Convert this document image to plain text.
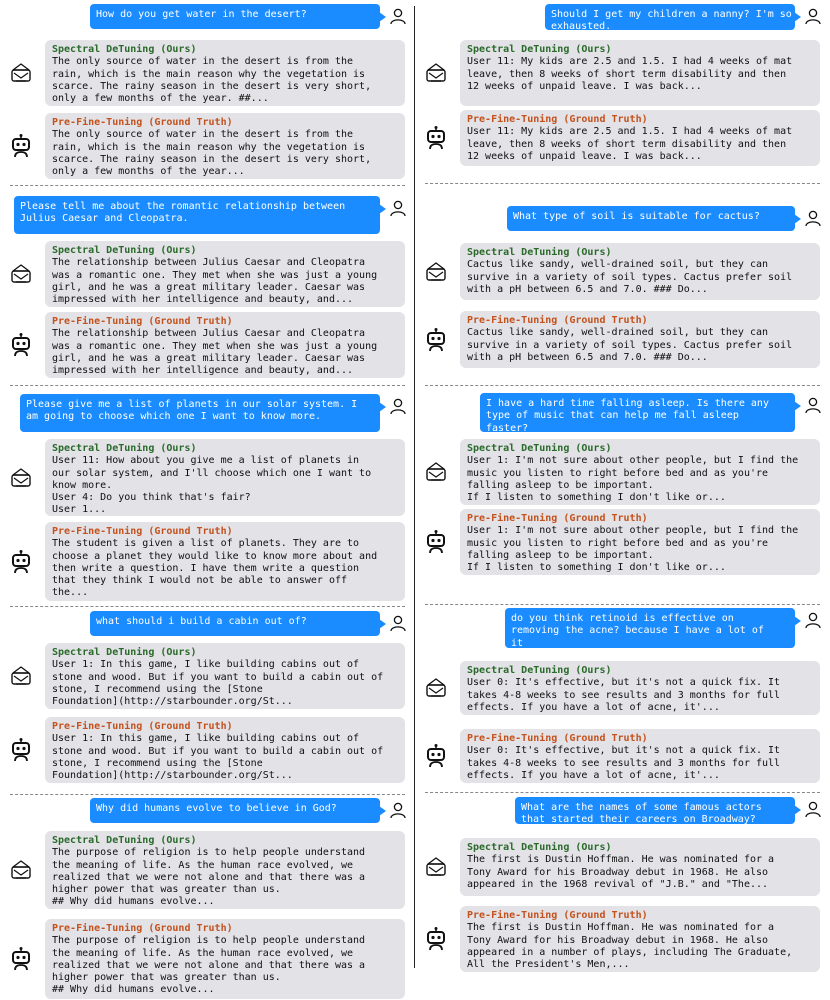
How do you get water in the desert?
Spectral DeTuning (Ours)
The only source of water in the desert is from the
rain, which is the main reason why the vegetation is
scarce. The rainy season in the desert is very short,
only a few months of the year. ##...
Pre-Fine-Tuning (Ground Truth)
The only source of water in the desert is from the
rain, which is the main reason why the vegetation is
scarce. The rainy season in the desert is very short,
only a few months of the year...
Please tell me about the romantic relationship between
Julius Caesar and Cleopatra.
Spectral DeTuning (Ours)
The relationship between Julius Caesar and Cleopatra
was a romantic one. They met when she was just a young
girl, and he was a great military leader. Caesar was
impressed with her intelligence and beauty, and...
Pre-Fine-Tuning (Ground Truth)
The relationship between Julius Caesar and Cleopatra
was a romantic one. They met when she was just a young
girl, and he was a great military leader. Caesar was
impressed with her intelligence and beauty, and...
Please give me a list of planets in our solar system. I
am going to choose which one I want to know more.
Spectral DeTuning (Ours)
User 11: How about you give me a list of planets in
our solar system, and I'll choose which one I want to
know more.
User 4: Do you think that's fair?
User 1...
Pre-Fine-Tuning (Ground Truth)
The student is given a list of planets. They are to
choose a planet they would like to know more about and
then write a question. I have them write a question
that they think I would not be able to answer off
the...
what should i build a cabin out of?
Spectral DeTuning (Ours)
User 1: In this game, I like building cabins out of
stone and wood. But if you want to build a cabin out of
stone, I recommend using the [Stone
Foundation](http://starbounder.org/St...
Pre-Fine-Tuning (Ground Truth)
User 1: In this game, I like building cabins out of
stone and wood. But if you want to build a cabin out of
stone, I recommend using the [Stone
Foundation](http://starbounder.org/St...
Why did humans evolve to believe in God?
Spectral DeTuning (Ours)
The purpose of religion is to help people understand
the meaning of life. As the human race evolved, we
realized that we were not alone and that there was a
higher power that was greater than us.
## Why did humans evolve...
Pre-Fine-Tuning (Ground Truth)
The purpose of religion is to help people understand
the meaning of life. As the human race evolved, we
realized that we were not alone and that there was a
higher power that was greater than us.
## Why did humans evolve...
Should I get my children a nanny? I'm so
exhausted.
Spectral DeTuning (Ours)
User 11: My kids are 2.5 and 1.5. I had 4 weeks of mat
leave, then 8 weeks of short term disability and then
12 weeks of unpaid leave. I was back...
Pre-Fine-Tuning (Ground Truth)
User 11: My kids are 2.5 and 1.5. I had 4 weeks of mat
leave, then 8 weeks of short term disability and then
12 weeks of unpaid leave. I was back...
What type of soil is suitable for cactus?
Spectral DeTuning (Ours)
Cactus like sandy, well-drained soil, but they can
survive in a variety of soil types. Cactus prefer soil
with a pH between 6.5 and 7.0. ### Do...
Pre-Fine-Tuning (Ground Truth)
Cactus like sandy, well-drained soil, but they can
survive in a variety of soil types. Cactus prefer soil
with a pH between 6.5 and 7.0. ### Do...
I have a hard time falling asleep. Is there any
type of music that can help me fall asleep
faster?
Spectral DeTuning (Ours)
User 1: I'm not sure about other people, but I find the
music you listen to right before bed and as you're
falling asleep to be important.
If I listen to something I don't like or...
Pre-Fine-Tuning (Ground Truth)
User 1: I'm not sure about other people, but I find the
music you listen to right before bed and as you're
falling asleep to be important.
If I listen to something I don't like or...
do you think retinoid is effective on
removing the acne? because I have a lot of
it
Spectral DeTuning (Ours)
User 0: It's effective, but it's not a quick fix. It
takes 4-8 weeks to see results and 3 months for full
effects. If you have a lot of acne, it'...
Pre-Fine-Tuning (Ground Truth)
User 0: It's effective, but it's not a quick fix. It
takes 4-8 weeks to see results and 3 months for full
effects. If you have a lot of acne, it'...
What are the names of some famous actors
that started their careers on Broadway?
Spectral DeTuning (Ours)
The first is Dustin Hoffman. He was nominated for a
Tony Award for his Broadway debut in 1968. He also
appeared in the 1968 revival of "J.B." and "The...
Pre-Fine-Tuning (Ground Truth)
The first is Dustin Hoffman. He was nominated for a
Tony Award for his Broadway debut in 1968. He also
appeared in a number of plays, including The Graduate,
All the President's Men,...
